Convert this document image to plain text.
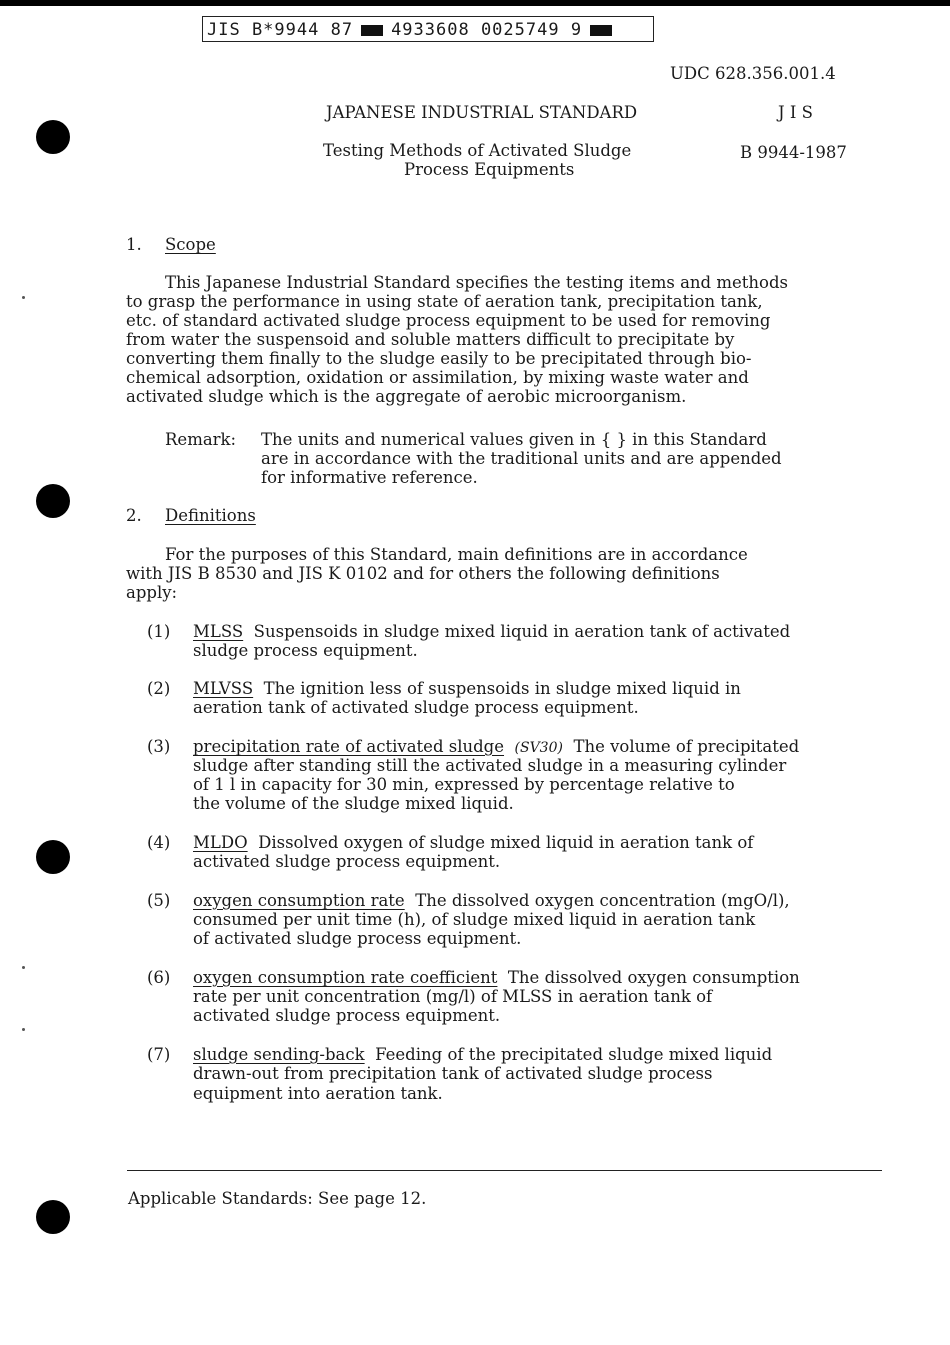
JIS B*9944 87 4933608 0025749 9
UDC 628.356.001.4
JAPANESE INDUSTRIAL STANDARD	J I S
Testing Methods of Activated Sludge
Process Equipments
B 9944-1987
1. Scope
This Japanese Industrial Standard specifies the testing items and methods
to grasp the performance in using state of aeration tank, precipitation tank,
etc. of standard activated sludge process equipment to be used for removing
from water the suspensoid and soluble matters difficult to precipitate by
converting them finally to the sludge easily to be precipitated through bio-
chemical adsorption, oxidation or assimilation, by mixing waste water and
activated sludge which is the aggregate of aerobic microorganism.
Remark: The units and numerical values given in { } in this Standard
are in accordance with the traditional units and are appended
for informative reference.
2. Definitions
For the purposes of this Standard, main definitions are in accordance
with JIS B 8530 and JIS K 0102 and for others the following definitions
apply:
(1) MLSS Suspensoids in sludge mixed liquid in aeration tank of activated
sludge process equipment.
(2) MLVSS The ignition less of suspensoids in sludge mixed liquid in
aeration tank of activated sludge process equipment.
(3) precipitation rate of activated sludge (SV30) The volume of precipitated
sludge after standing still the activated sludge in a measuring cylinder
of 1 l in capacity for 30 min, expressed by percentage relative to
the volume of the sludge mixed liquid.
(4) MLDO Dissolved oxygen of sludge mixed liquid in aeration tank of
activated sludge process equipment.
(5) oxygen consumption rate The dissolved oxygen concentration (mgO/l),
consumed per unit time (h), of sludge mixed liquid in aeration tank
of activated sludge process equipment.
(6) oxygen consumption rate coefficient The dissolved oxygen consumption
rate per unit concentration (mg/l) of MLSS in aeration tank of
activated sludge process equipment.
(7) sludge sending-back Feeding of the precipitated sludge mixed liquid
drawn-out from precipitation tank of activated sludge process
equipment into aeration tank.
Applicable Standards: See page 12.
